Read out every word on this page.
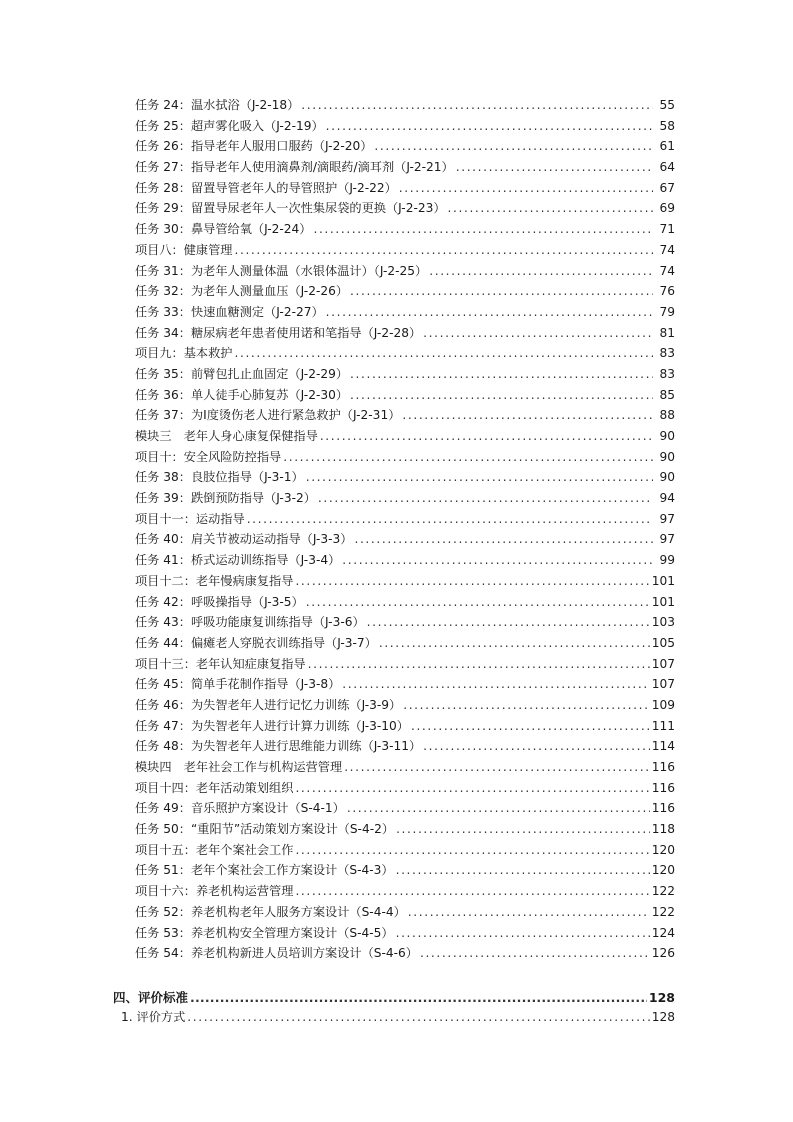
任务 24：温水拭浴（J-2-18） .....	55
任务 25：超声雾化吸入（J-2-19） .....	58
任务 26：指导老年人服用口服药（J-2-20） .....	61
任务 27：指导老年人使用滴鼻剂/滴眼药/滴耳剂（J-2-21） .....	64
任务 28：留置导管老年人的导管照护（J-2-22） .....	67
任务 29：留置导尿老年人一次性集尿袋的更换（J-2-23） .....	69
任务 30：鼻导管给氧（J-2-24） .....	71
项目八：健康管理 .....	74
任务 31：为老年人测量体温（水银体温计）（J-2-25） .....	74
任务 32：为老年人测量血压（J-2-26） .....	76
任务 33：快速血糖测定（J-2-27） .....	79
任务 34：糖尿病老年患者使用诺和笔指导（J-2-28） .....	81
项目九：基本救护 .....	83
任务 35：前臂包扎止血固定（J-2-29） .....	83
任务 36：单人徒手心肺复苏（J-2-30） .....	85
任务 37：为Ⅰ度烫伤老人进行紧急救护（J-2-31） .....	88
模块三　老年人身心康复保健指导 .....	90
项目十：安全风险防控指导 .....	90
任务 38：良肢位指导（J-3-1） .....	90
任务 39：跌倒预防指导（J-3-2） .....	94
项目十一：运动指导 .....	97
任务 40：肩关节被动运动指导（J-3-3） .....	97
任务 41：桥式运动训练指导（J-3-4） .....	99
项目十二：老年慢病康复指导 .....	101
任务 42：呼吸操指导（J-3-5） .....	101
任务 43：呼吸功能康复训练指导（J-3-6） .....	103
任务 44：偏瘫老人穿脱衣训练指导（J-3-7） .....	105
项目十三：老年认知症康复指导 .....	107
任务 45：简单手花制作指导（J-3-8） .....	107
任务 46：为失智老年人进行记忆力训练（J-3-9） .....	109
任务 47：为失智老年人进行计算力训练（J-3-10） .....	111
任务 48：为失智老年人进行思维能力训练（J-3-11） .....	114
模块四　老年社会工作与机构运营管理 .....	116
项目十四：老年活动策划组织 .....	116
任务 49：音乐照护方案设计（S-4-1） .....	116
任务 50：“重阳节”活动策划方案设计（S-4-2） .....	118
项目十五：老年个案社会工作 .....	120
任务 51：老年个案社会工作方案设计（S-4-3） .....	120
项目十六：养老机构运营管理 .....	122
任务 52：养老机构老年人服务方案设计（S-4-4） .....	122
任务 53：养老机构安全管理方案设计（S-4-5） .....	124
任务 54：养老机构新进人员培训方案设计（S-4-6） .....	126
四、评价标准 .....	128
1. 评价方式 .....	128
